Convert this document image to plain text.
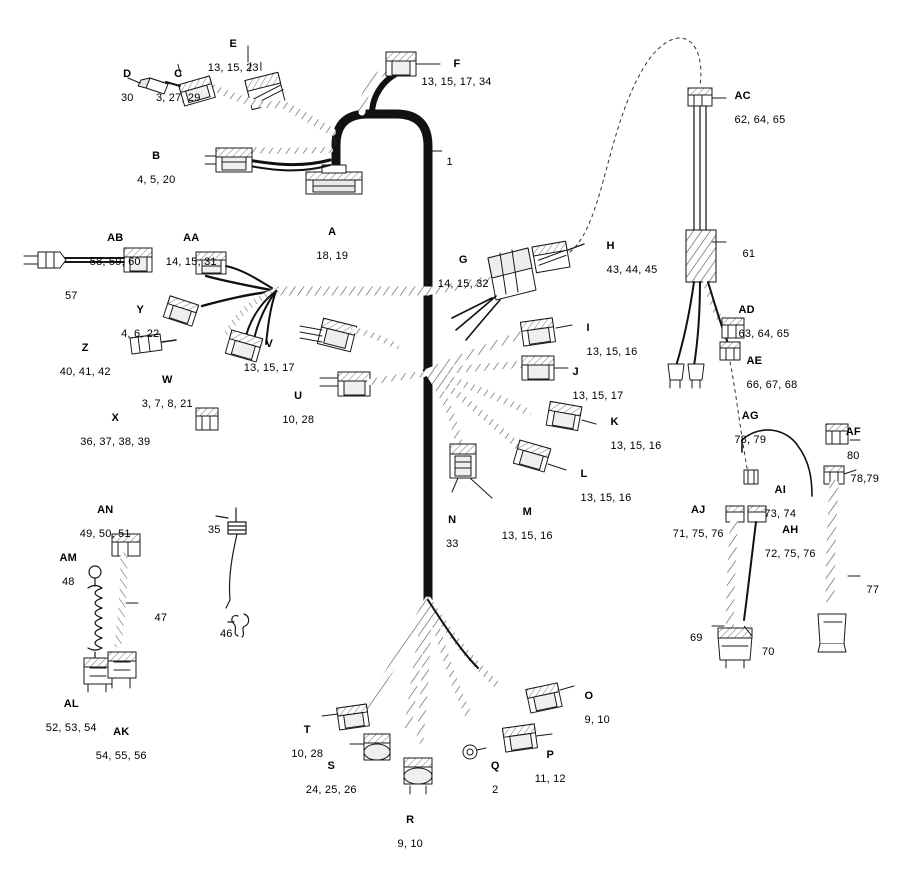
D

30

C

3, 27, 29

E

13, 15, 23	F

13, 15, 17, 34

B

4, 5, 20

A

18, 19

1

AC

62, 64, 65

61

AD

63, 64, 65

AE

66, 67, 68

AB

58, 59, 60

57

AA

14, 15, 31

Y

4, 6, 22

Z

40, 41, 42

W

3, 7, 8, 21

X

36, 37, 38, 39

V

13, 15, 17

U

10, 28

G

14, 15, 32

H

43, 44, 45

I

13, 15, 16

J

13, 15, 17

K

13, 15, 16

L

13, 15, 16

M

13, 15, 16

N

33

AG

78, 79

AF

80

AI

73, 74

78,79

AJ

71, 75, 76	AH

72, 75, 76

77

69

70

AN

49, 50, 51

AM

48

47

AL

52, 53, 54	AK

54, 55, 56

35

46

T

10, 28

S

24, 25, 26

R

9, 10

Q

2

P

11, 12

O

9, 10
